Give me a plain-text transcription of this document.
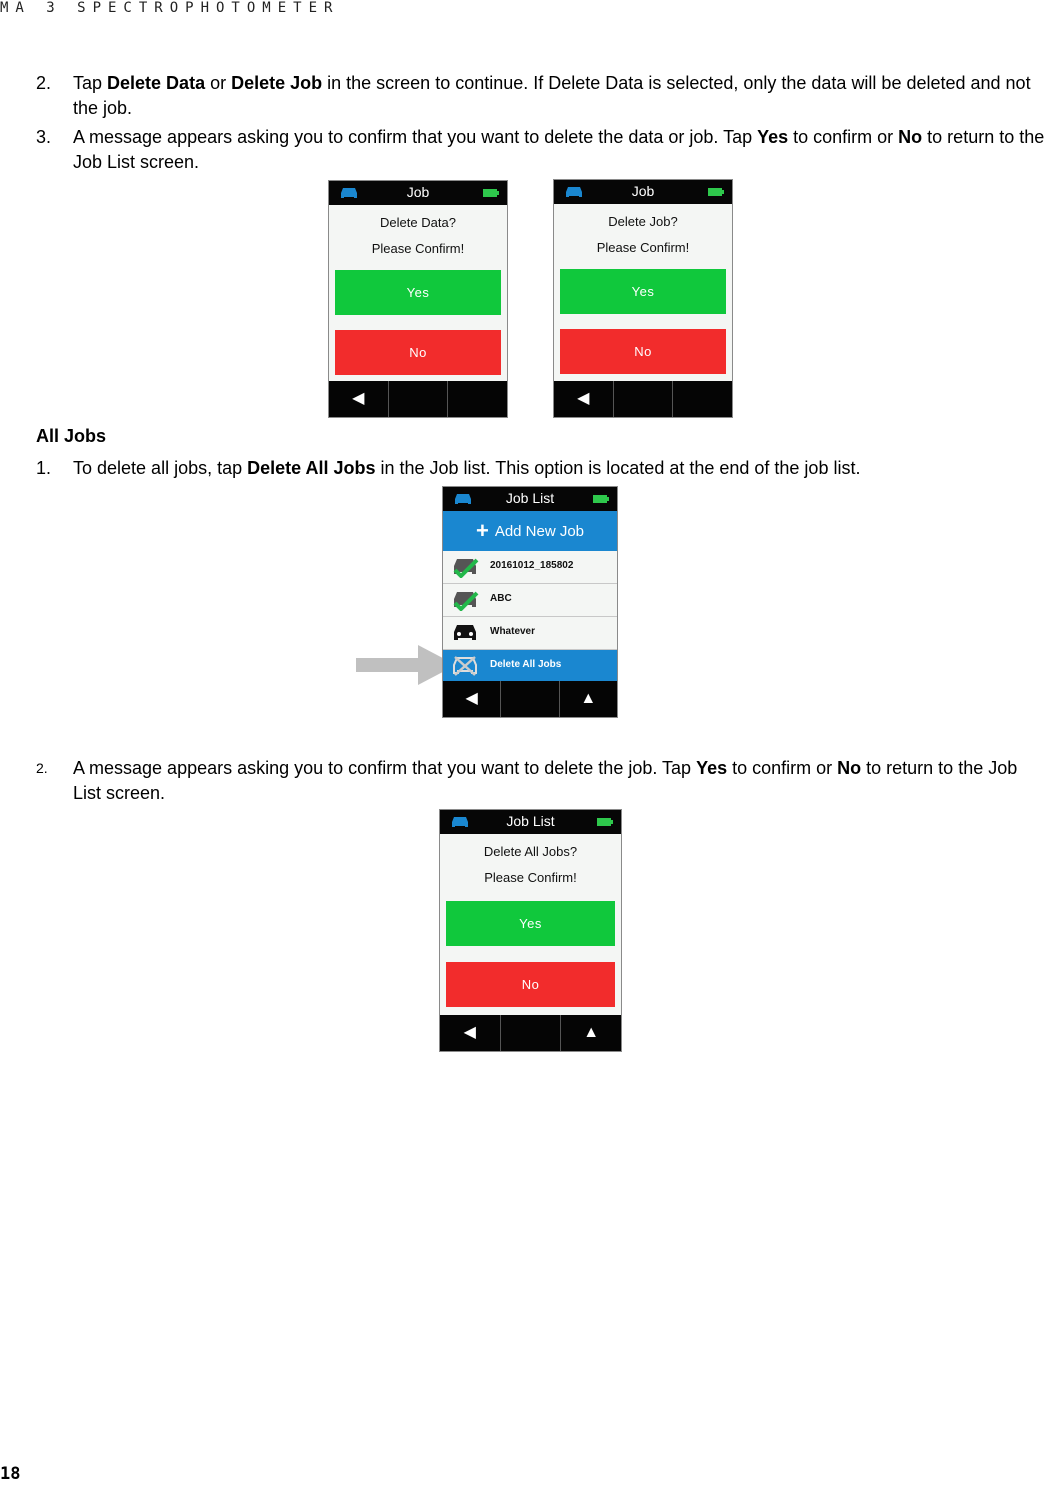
MA 3 SPECTROPHOTOMETER
2. Tap Delete Data or Delete Job in the screen to continue. If Delete Data is selected, only the data will be deleted and not the job.
3. A message appears asking you to confirm that you want to delete the data or job. Tap Yes to confirm or No to return to the Job List screen.
Job
Delete Data?
Please Confirm!
Yes
No
◀
Job
Delete Job?
Please Confirm!
Yes
No
◀
All Jobs
1. To delete all jobs, tap Delete All Jobs in the Job list. This option is located at the end of the job list.
Job List
+ Add New Job
20161012_185802
ABC
Whatever
Delete All Jobs
◀	▲
2. A message appears asking you to confirm that you want to delete the job. Tap Yes to confirm or No to return to the Job List screen.
Job List
Delete All Jobs?
Please Confirm!
Yes
No
◀	▲
18
